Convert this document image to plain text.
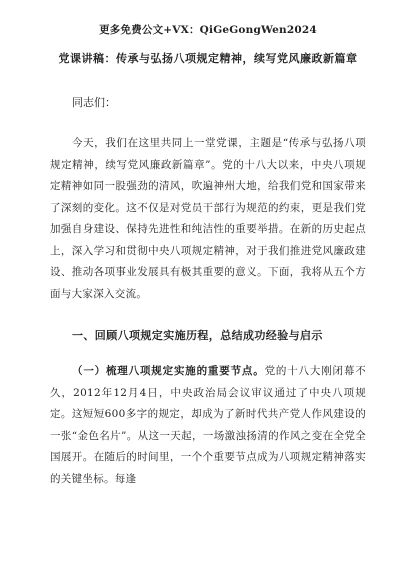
更多免费公文+VX：QiGeGongWen2024
党课讲稿：传承与弘扬八项规定精神，续写党风廉政新篇章
同志们：
今天，我们在这里共同上一堂党课，主题是“传承与弘扬八项规定精神，续写党风廉政新篇章”。党的十八大以来，中央八项规定精神如同一股强劲的清风，吹遍神州大地，给我们党和国家带来了深刻的变化。这不仅是对党员干部行为规范的约束，更是我们党加强自身建设、保持先进性和纯洁性的重要举措。在新的历史起点上，深入学习和贯彻中央八项规定精神，对于我们推进党风廉政建设、推动各项事业发展具有极其重要的意义。下面，我将从五个方面与大家深入交流。
一、回顾八项规定实施历程，总结成功经验与启示
（一）梳理八项规定实施的重要节点。党的十八大刚闭幕不久，2012年12月4日，中央政治局会议审议通过了中央八项规定。这短短600多字的规定，却成为了新时代共产党人作风建设的一张“金色名片”。从这一天起，一场激浊扬清的作风之变在全党全国展开。在随后的时间里，一个个重要节点成为八项规定精神落实的关键坐标。每逢
